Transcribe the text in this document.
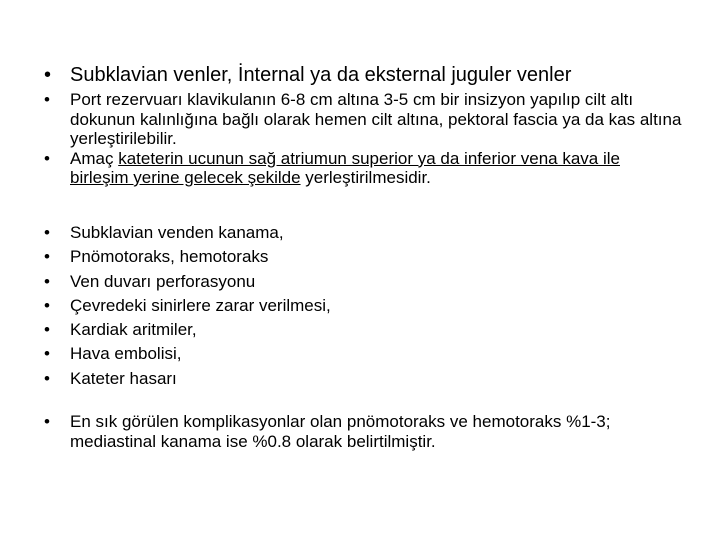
• Subklavian venler, İnternal ya da eksternal juguler venler
• Port rezervuarı klavikulanın 6-8 cm altına 3-5 cm bir insizyon yapılıp cilt altı dokunun kalınlığına bağlı olarak hemen cilt altına, pektoral fascia ya da kas altına yerleştirilebilir.
• Amaç kateterin ucunun sağ atriumun superior ya da inferior vena kava ile birleşim yerine gelecek şekilde yerleştirilmesidir.
• Subklavian venden kanama,
• Pnömotoraks, hemotoraks
• Ven duvarı perforasyonu
• Çevredeki sinirlere zarar verilmesi,
• Kardiak aritmiler,
• Hava embolisi,
• Kateter hasarı
• En sık görülen komplikasyonlar olan pnömotoraks ve hemotoraks %1-3; mediastinal kanama ise %0.8 olarak belirtilmiştir.
